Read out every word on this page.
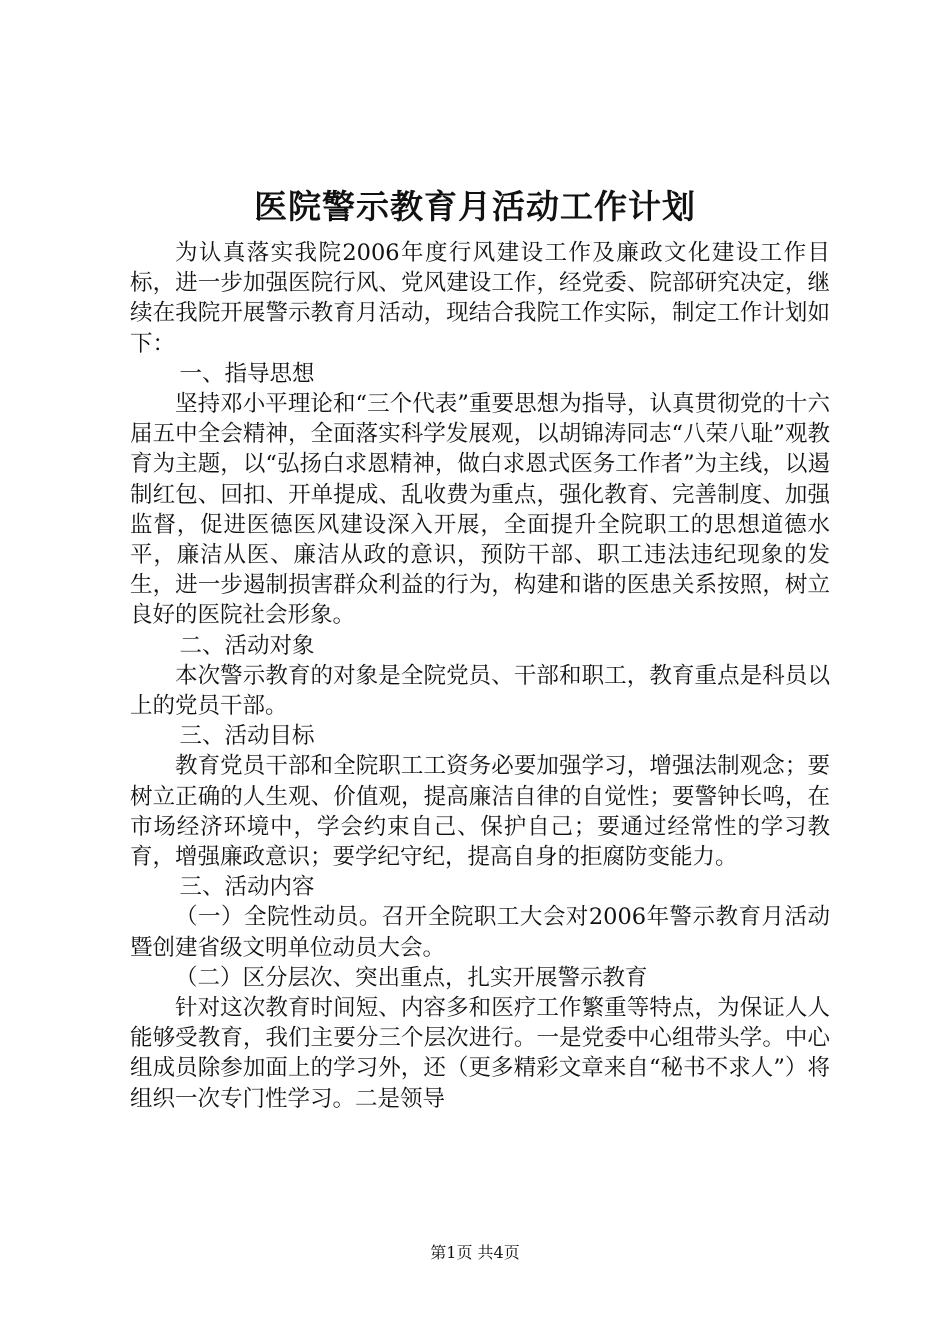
医院警示教育月活动工作计划

为认真落实我院2006年度行风建设工作及廉政文化建设工作目标，进一步加强医院行风、党风建设工作，经党委、院部研究决定，继续在我院开展警示教育月活动，现结合我院工作实际，制定工作计划如下：

一、指导思想

坚持邓小平理论和“三个代表”重要思想为指导，认真贯彻党的十六届五中全会精神，全面落实科学发展观，以胡锦涛同志“八荣八耻”观教育为主题，以“弘扬白求恩精神，做白求恩式医务工作者”为主线，以遏制红包、回扣、开单提成、乱收费为重点，强化教育、完善制度、加强监督，促进医德医风建设深入开展，全面提升全院职工的思想道德水平，廉洁从医、廉洁从政的意识，预防干部、职工违法违纪现象的发生，进一步遏制损害群众利益的行为，构建和谐的医患关系按照，树立良好的医院社会形象。

二、活动对象

本次警示教育的对象是全院党员、干部和职工，教育重点是科员以上的党员干部。

三、活动目标

教育党员干部和全院职工工资务必要加强学习，增强法制观念；要树立正确的人生观、价值观，提高廉洁自律的自觉性；要警钟长鸣，在市场经济环境中，学会约束自己、保护自己；要通过经常性的学习教育，增强廉政意识；要学纪守纪，提高自身的拒腐防变能力。

三、活动内容

（一）全院性动员。召开全院职工大会对2006年警示教育月活动暨创建省级文明单位动员大会。

（二）区分层次、突出重点，扎实开展警示教育

针对这次教育时间短、内容多和医疗工作繁重等特点，为保证人人能够受教育，我们主要分三个层次进行。一是党委中心组带头学。中心组成员除参加面上的学习外，还（更多精彩文章来自“秘书不求人”）将组织一次专门性学习。二是领导

第1页 共4页
